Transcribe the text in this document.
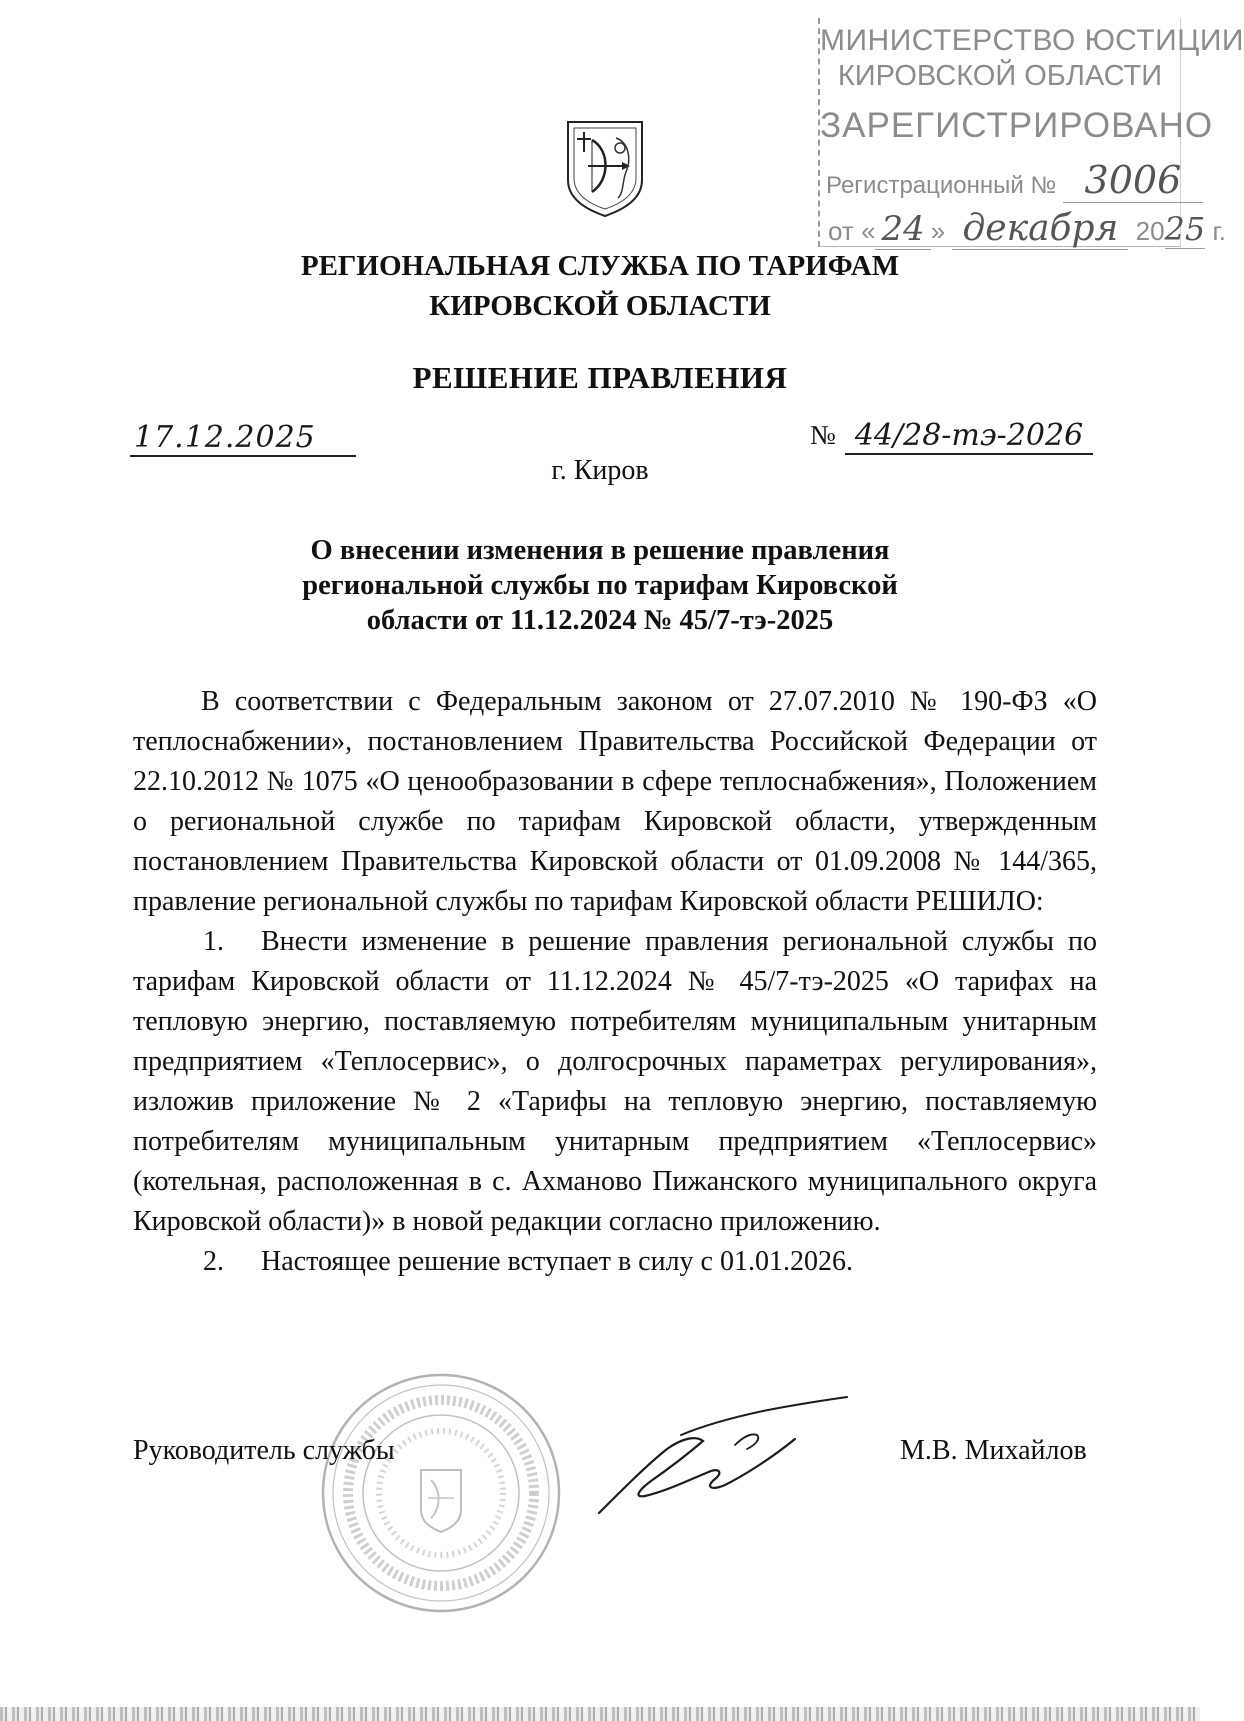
МИНИСТЕРСТВО ЮСТИЦИИ
КИРОВСКОЙ ОБЛАСТИ
ЗАРЕГИСТРИРОВАНО
Регистрационный № 3006
от « 24 » декабря 2025 г.
РЕГИОНАЛЬНАЯ СЛУЖБА ПО ТАРИФАМ
КИРОВСКОЙ ОБЛАСТИ
РЕШЕНИЕ ПРАВЛЕНИЯ
17.12.2025	№ 44/28-тэ-2026
г. Киров
О внесении изменения в решение правления
региональной службы по тарифам Кировской
области от 11.12.2024 № 45/7-тэ-2025

В соответствии с Федеральным законом от 27.07.2010 № 190-ФЗ «О теплоснабжении», постановлением Правительства Российской Федерации от 22.10.2012 № 1075 «О ценообразовании в сфере теплоснабжения», Положением о региональной службе по тарифам Кировской области, утвержденным постановлением Правительства Кировской области от 01.09.2008 № 144/365, правление региональной службы по тарифам Кировской области РЕШИЛО:

1. Внести изменение в решение правления региональной службы по тарифам Кировской области от 11.12.2024 № 45/7-тэ-2025 «О тарифах на тепловую энергию, поставляемую потребителям муниципальным унитарным предприятием «Теплосервис», о долгосрочных параметрах регулирования», изложив приложение № 2 «Тарифы на тепловую энергию, поставляемую потребителям муниципальным унитарным предприятием «Теплосервис» (котельная, расположенная в с. Ахманово Пижанского муниципального округа Кировской области)» в новой редакции согласно приложению.

2. Настоящее решение вступает в силу с 01.01.2026.

Руководитель службы	М.В. Михайлов
